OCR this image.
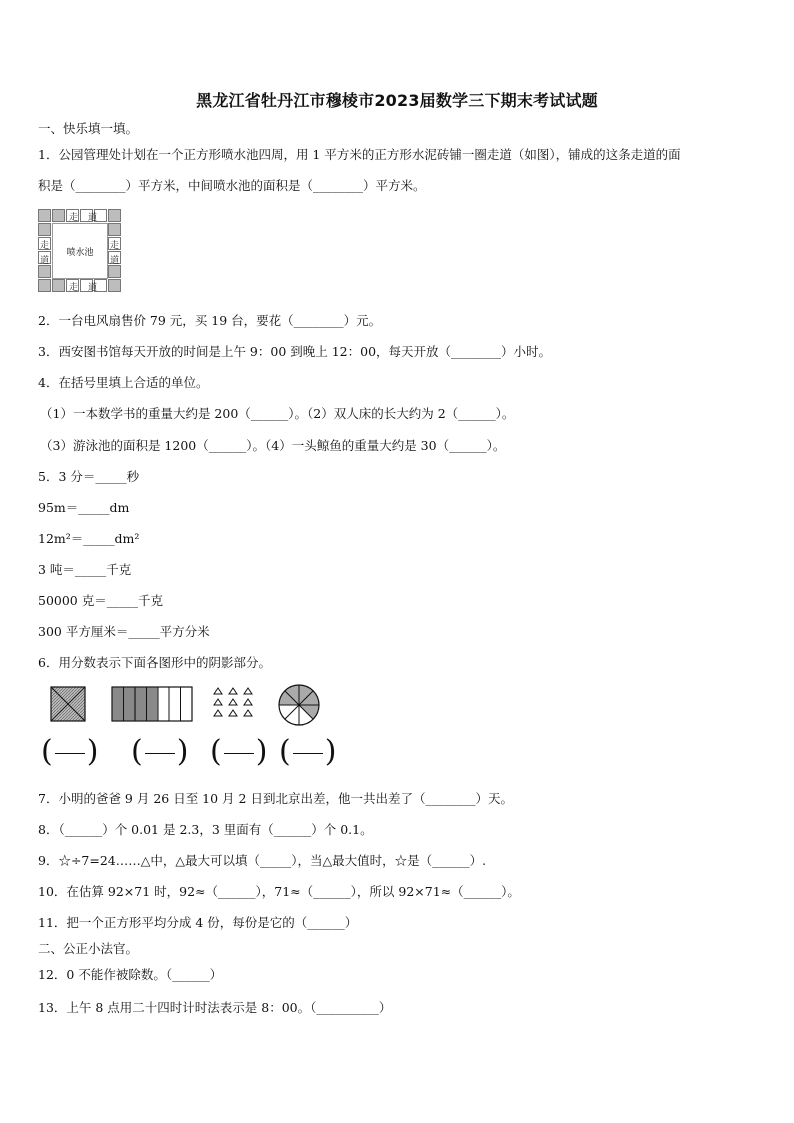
黑龙江省牡丹江市穆棱市2023届数学三下期末考试试题
一、快乐填一填。
1．公园管理处计划在一个正方形喷水池四周，用 1 平方米的正方形水泥砖铺一圈走道（如图），铺成的这条走道的面
积是（________）平方米，中间喷水池的面积是（________）平方米。
走 道
走 道
走
道
走
道
喷水池
2．一台电风扇售价 79 元，买 19 台，要花（________）元。
3．西安图书馆每天开放的时间是上午 9：00 到晚上 12：00，每天开放（________）小时。
4．在括号里填上合适的单位。
（1）一本数学书的重量大约是 200（______）。（2）双人床的长大约为 2（______）。
（3）游泳池的面积是 1200（______）。（4）一头鲸鱼的重量大约是 30（______）。
5．3 分＝_____秒
95m＝_____dm
12m²＝_____dm²
3 吨＝_____千克
50000 克＝_____千克
300 平方厘米＝_____平方分米
6．用分数表示下面各图形中的阴影部分。
( ) ( ) ( ) ( )
7．小明的爸爸 9 月 26 日至 10 月 2 日到北京出差，他一共出差了（________）天。
8．（______）个 0.01 是 2.3，3 里面有（______）个 0.1。
9．☆÷7=24……△中，△最大可以填（_____），当△最大值时，☆是（______）.
10．在估算 92×71 时，92≈（______），71≈（______），所以 92×71≈（______）。
11．把一个正方形平均分成 4 份，每份是它的（______）
二、公正小法官。
12．0 不能作被除数。（______）
13．上午 8 点用二十四时计时法表示是 8：00。（__________）
